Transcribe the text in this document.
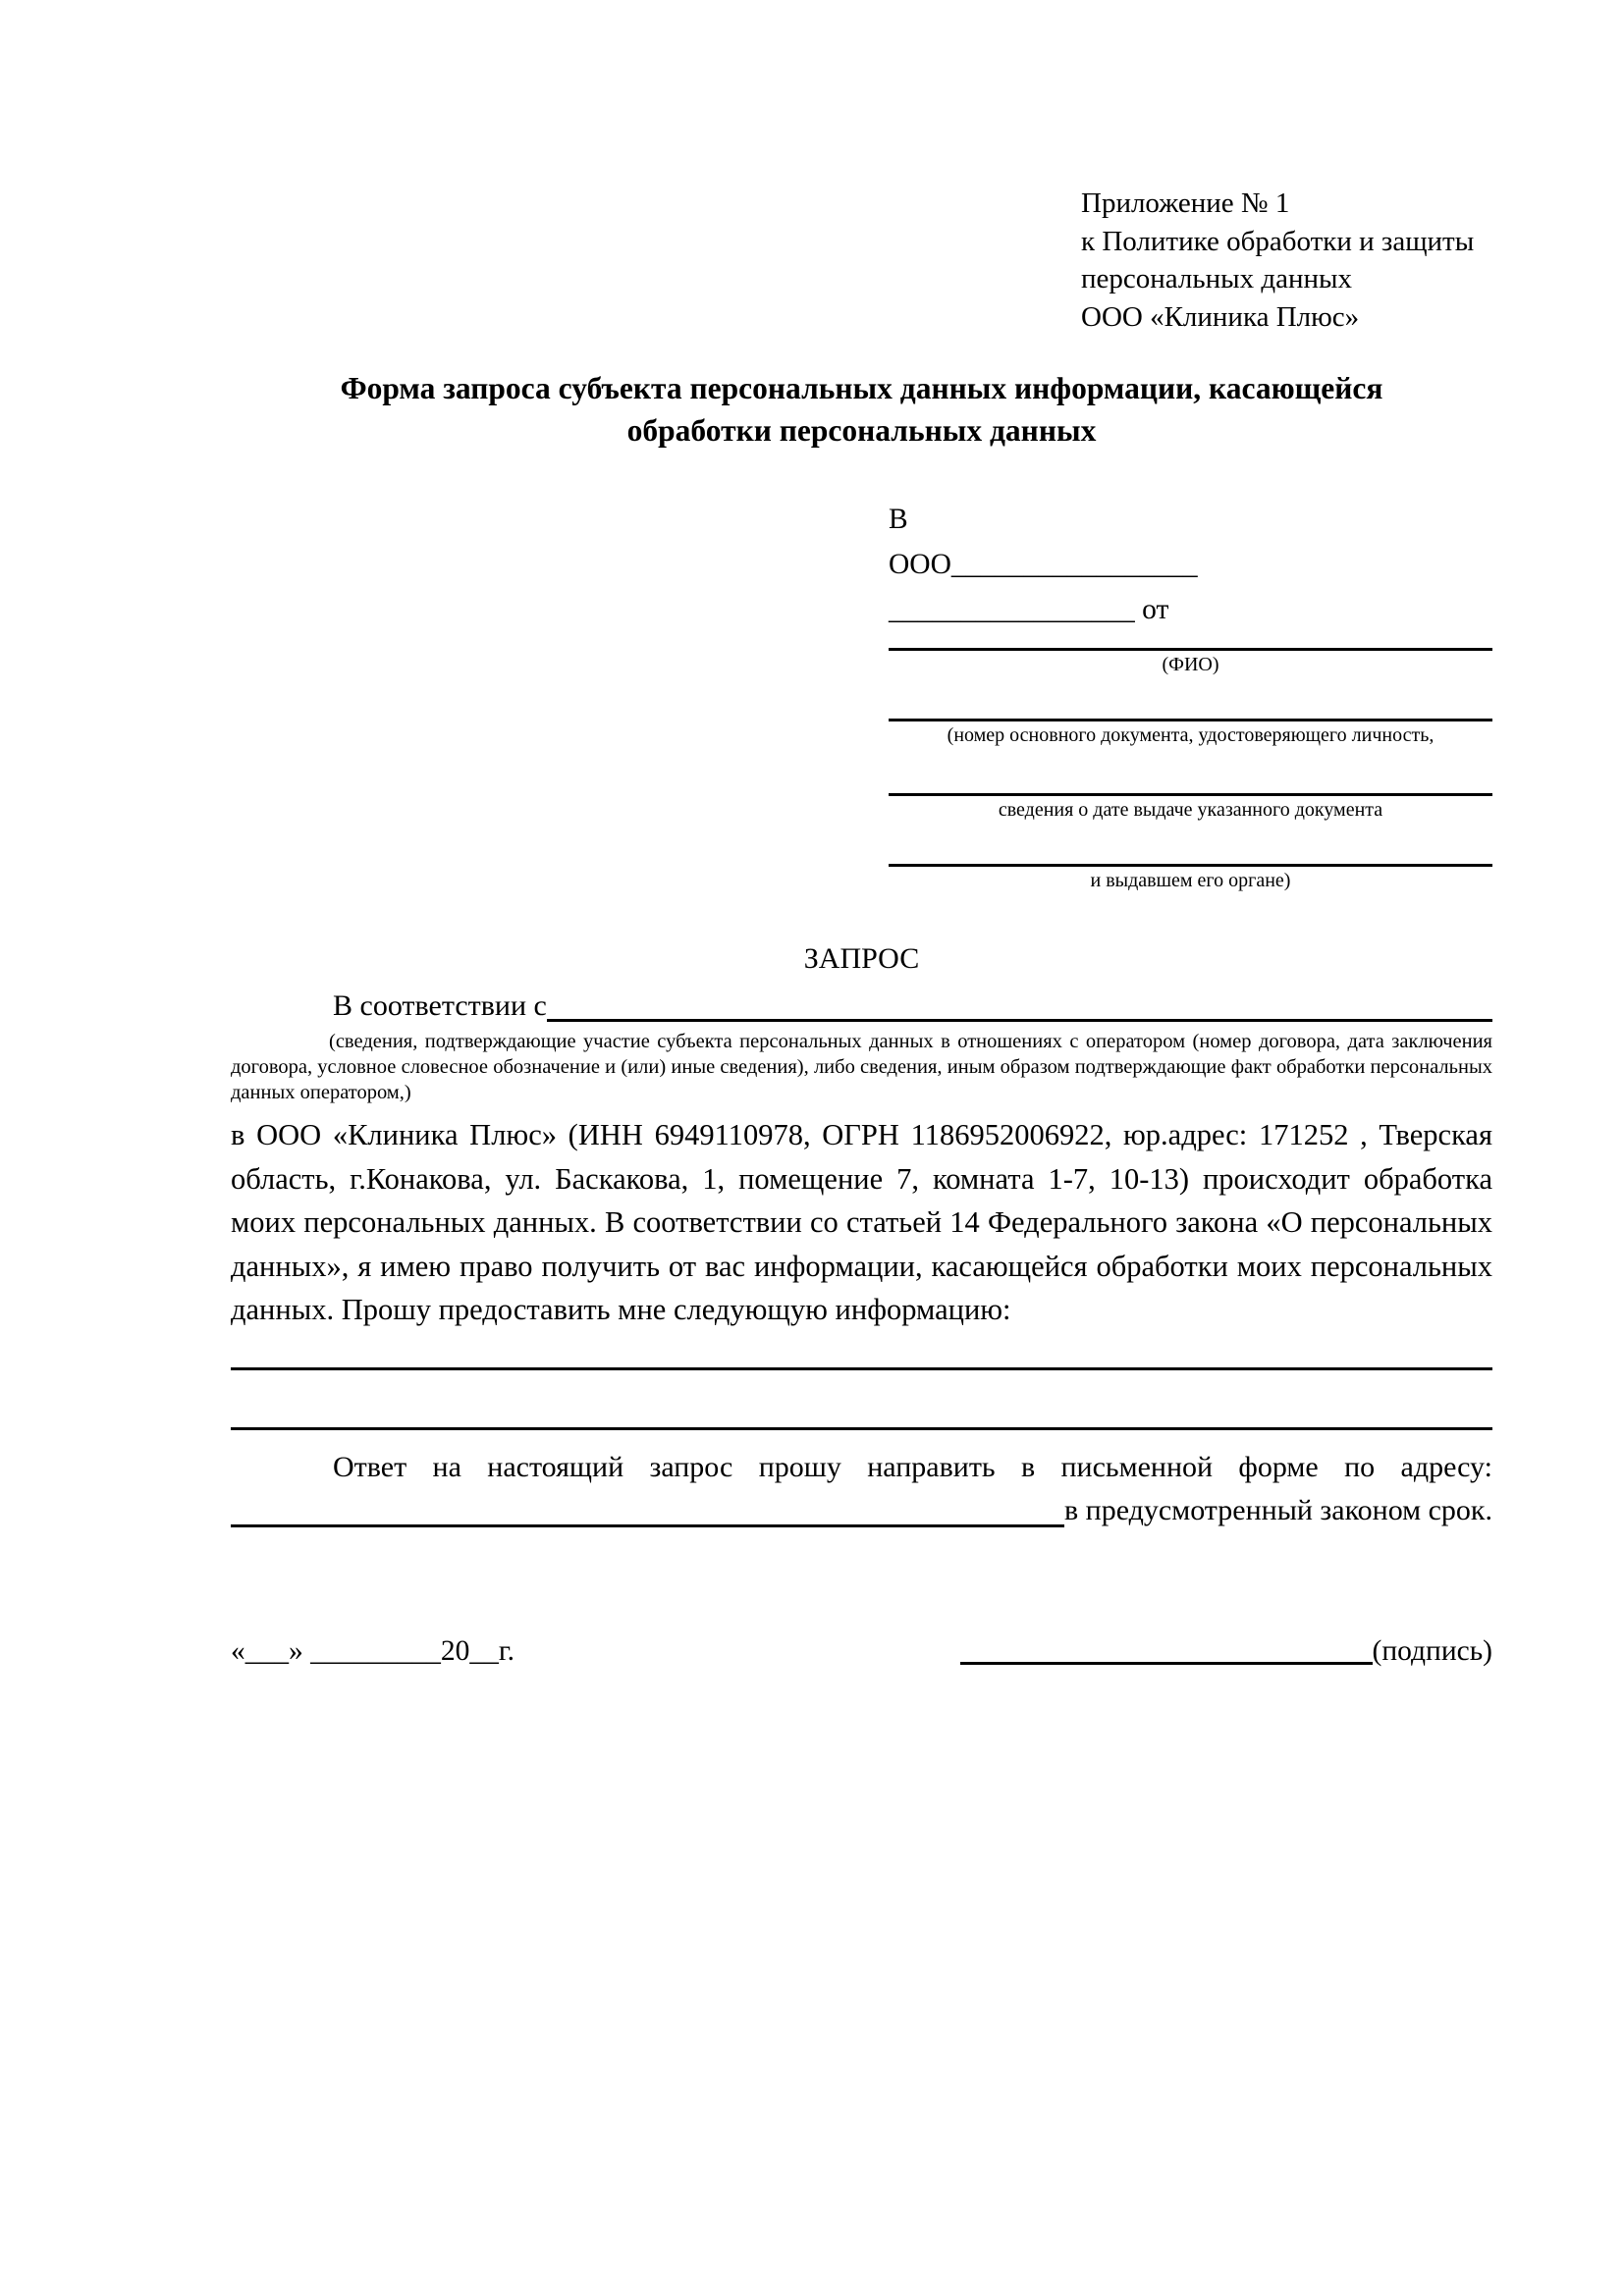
Приложение № 1
к Политике обработки и защиты
персональных данных
ООО «Клиника Плюс»
Форма запроса субъекта персональных данных информации, касающейся обработки персональных данных
В
ООО_________________
_________________ от
(ФИО)
(номер основного документа, удостоверяющего личность,
сведения о дате выдаче указанного документа
и выдавшем его органе)
ЗАПРОС
В соответствии с
(сведения, подтверждающие участие субъекта персональных данных в отношениях с оператором (номер договора, дата заключения договора, условное словесное обозначение и (или) иные сведения), либо сведения, иным образом подтверждающие факт обработки персональных данных оператором,)

в ООО «Клиника Плюс» (ИНН 6949110978, ОГРН 1186952006922, юр.адрес: 171252 , Тверская область, г.Конакова, ул. Баскакова, 1, помещение 7, комната 1-7, 10-13) происходит обработка моих персональных данных. В соответствии со статьей 14 Федерального закона «О персональных данных», я имею право получить от вас информации, касающейся обработки моих персональных данных. Прошу предоставить мне следующую информацию:

Ответ на настоящий запрос прошу направить в письменной форме по адресу:

в предусмотренный законом срок.
«___» _________20__г.	(подпись)
